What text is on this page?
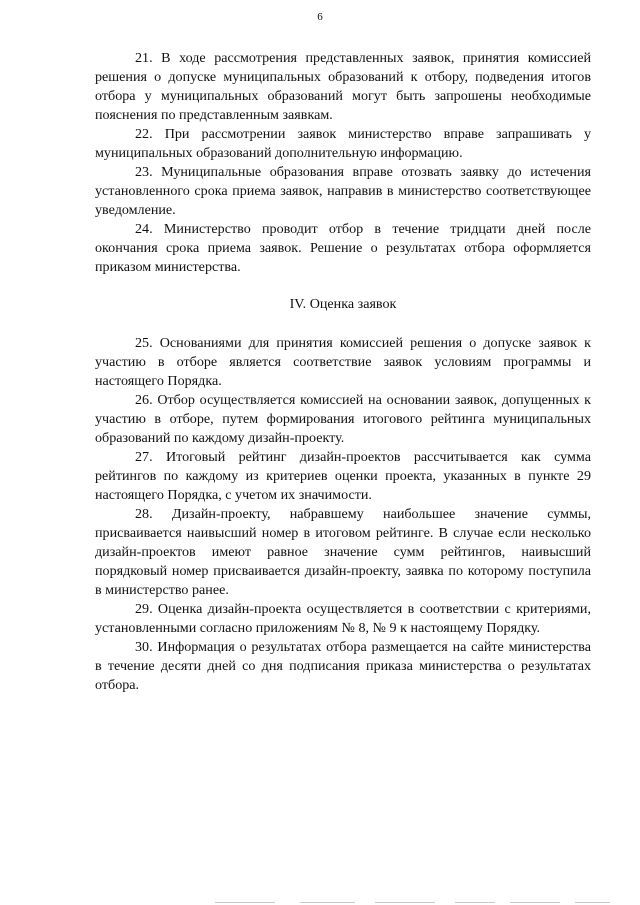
6

21. В ходе рассмотрения представленных заявок, принятия комиссией решения о допуске муниципальных образований к отбору, подведения итогов отбора у муниципальных образований могут быть запрошены необходимые пояснения по представленным заявкам.

22. При рассмотрении заявок министерство вправе запрашивать у муниципальных образований дополнительную информацию.

23. Муниципальные образования вправе отозвать заявку до истечения установленного срока приема заявок, направив в министерство соответствующее уведомление.

24. Министерство проводит отбор в течение тридцати дней после окончания срока приема заявок. Решение о результатах отбора оформляется приказом министерства.

IV. Оценка заявок

25. Основаниями для принятия комиссией решения о допуске заявок к участию в отборе является соответствие заявок условиям программы и настоящего Порядка.

26. Отбор осуществляется комиссией на основании заявок, допущенных к участию в отборе, путем формирования итогового рейтинга муниципальных образований по каждому дизайн-проекту.

27. Итоговый рейтинг дизайн-проектов рассчитывается как сумма рейтингов по каждому из критериев оценки проекта, указанных в пункте 29 настоящего Порядка, с учетом их значимости.

28. Дизайн-проекту, набравшему наибольшее значение суммы, присваивается наивысший номер в итоговом рейтинге. В случае если несколько дизайн-проектов имеют равное значение сумм рейтингов, наивысший порядковый номер присваивается дизайн-проекту, заявка по которому поступила в министерство ранее.

29. Оценка дизайн-проекта осуществляется в соответствии с критериями, установленными согласно приложениям № 8, № 9 к настоящему Порядку.

30. Информация о результатах отбора размещается на сайте министерства в течение десяти дней со дня подписания приказа министерства о результатах отбора.
